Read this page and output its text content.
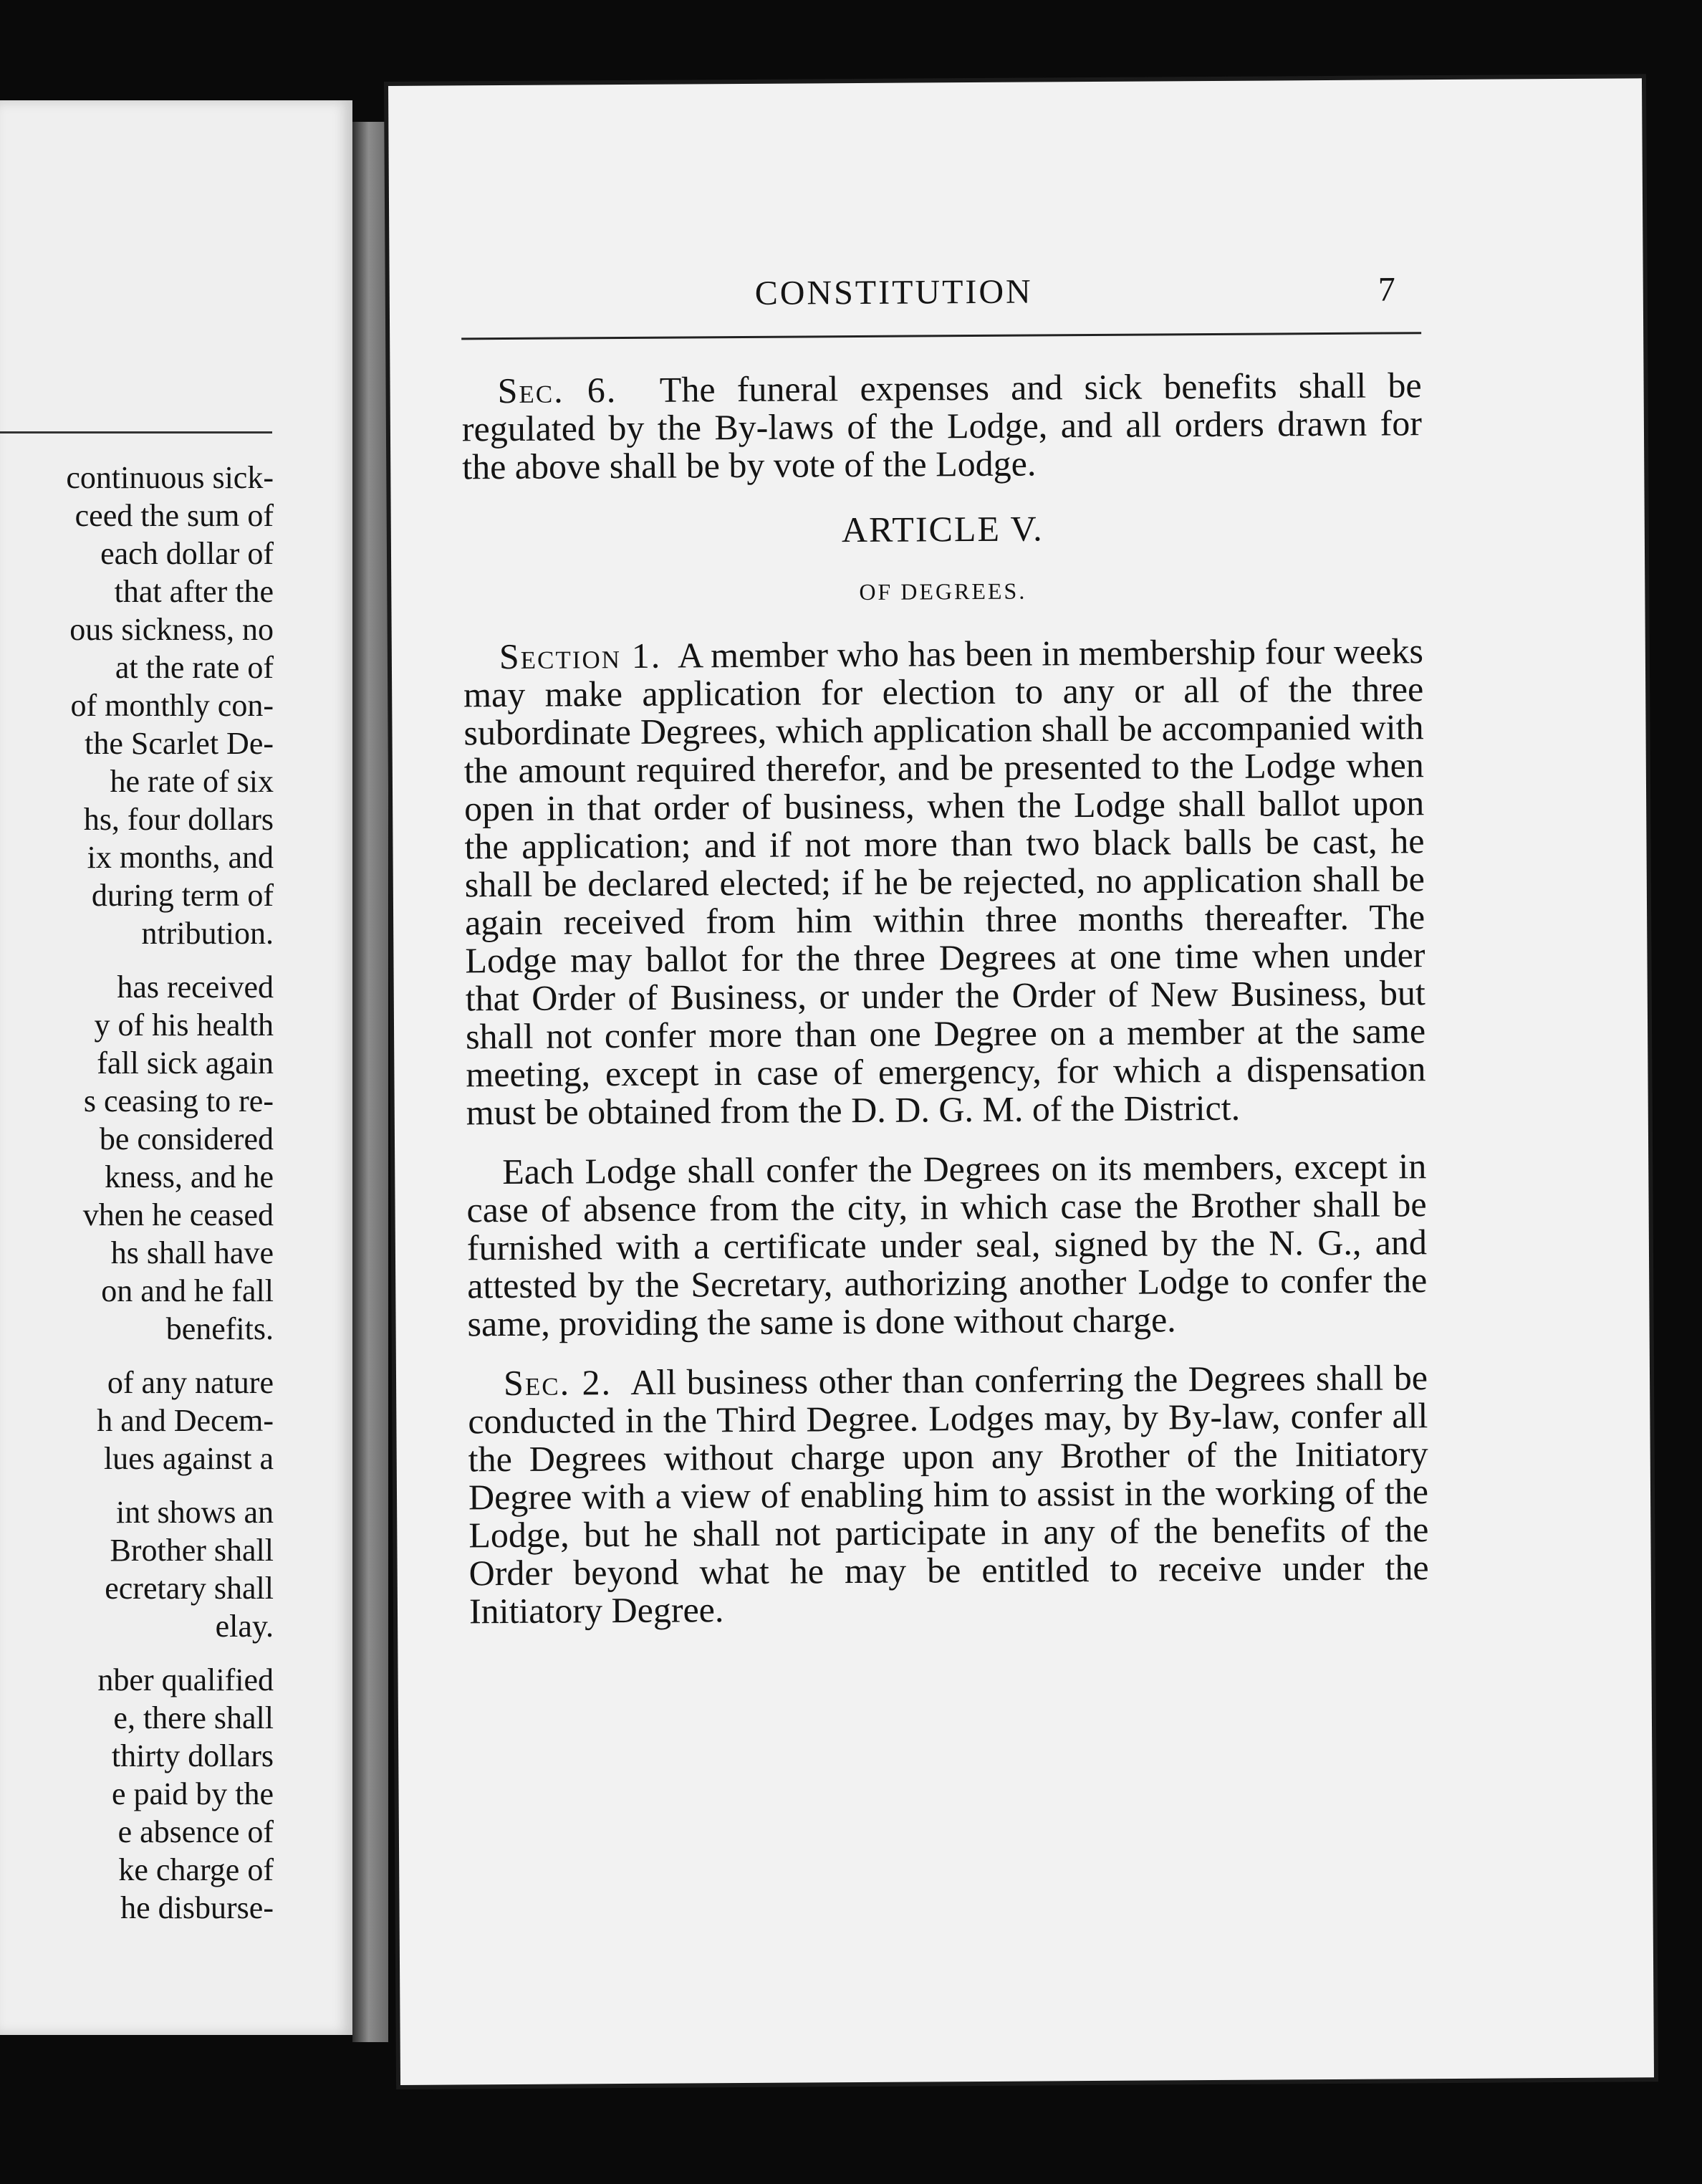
continuous sick-
ceed the sum of
each dollar of
that after the
ous sickness, no
at the rate of
of monthly con-
the Scarlet De-
he rate of six
hs, four dollars
ix months, and
during term of
ntribution.
has received
y of his health
fall sick again
s ceasing to re-
be considered
kness, and he
vhen he ceased
hs shall have
on and he fall
benefits.
of any nature
h and Decem-
lues against a
int shows an
Brother shall
ecretary shall
elay.
nber qualified
e, there shall
thirty dollars
e paid by the
e absence of
ke charge of
he disburse-
CONSTITUTION	7

Sec. 6. The funeral expenses and sick benefits shall be regulated by the By-laws of the Lodge, and all orders drawn for the above shall be by vote of the Lodge.

ARTICLE V.
OF DEGREES.

Section 1. A member who has been in membership four weeks may make application for election to any or all of the three subordinate Degrees, which application shall be accompanied with the amount required therefor, and be presented to the Lodge when open in that order of business, when the Lodge shall ballot upon the application; and if not more than two black balls be cast, he shall be declared elected; if he be rejected, no application shall be again received from him within three months thereafter. The Lodge may ballot for the three Degrees at one time when under that Order of Business, or under the Order of New Business, but shall not confer more than one Degree on a member at the same meeting, except in case of emergency, for which a dispensation must be obtained from the D. D. G. M. of the District.

Each Lodge shall confer the Degrees on its members, except in case of absence from the city, in which case the Brother shall be furnished with a certificate under seal, signed by the N. G., and attested by the Secretary, authorizing another Lodge to confer the same, providing the same is done without charge.

Sec. 2. All business other than conferring the Degrees shall be conducted in the Third Degree. Lodges may, by By-law, confer all the Degrees without charge upon any Brother of the Initiatory Degree with a view of enabling him to assist in the working of the Lodge, but he shall not participate in any of the benefits of the Order beyond what he may be entitled to receive under the Initiatory Degree.
